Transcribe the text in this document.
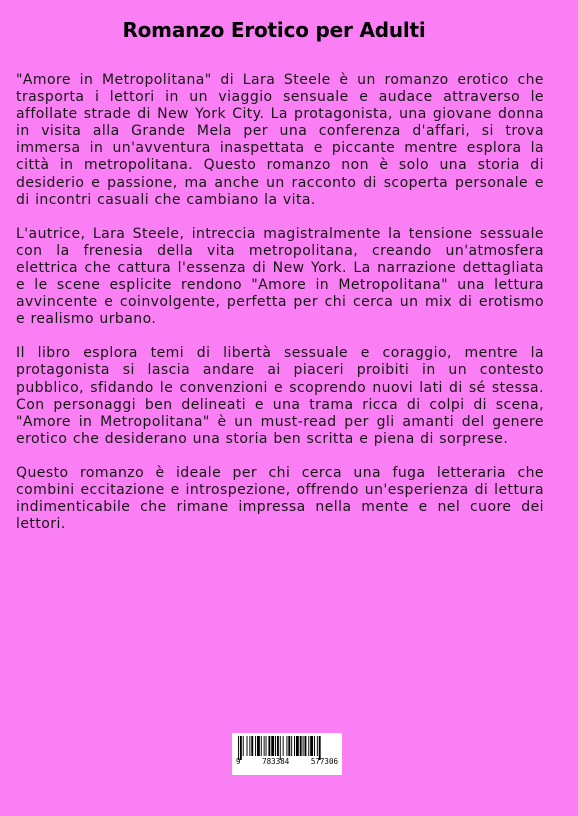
Romanzo Erotico per Adulti

"Amore in Metropolitana" di Lara Steele è un romanzo erotico che trasporta i lettori in un viaggio sensuale e audace attraverso le affollate strade di New York City. La protagonista, una giovane donna in visita alla Grande Mela per una conferenza d'affari, si trova immersa in un'avventura inaspettata e piccante mentre esplora la città in metropolitana. Questo romanzo non è solo una storia di desiderio e passione, ma anche un racconto di scoperta personale e di incontri casuali che cambiano la vita.

L'autrice, Lara Steele, intreccia magistralmente la tensione sessuale con la frenesia della vita metropolitana, creando un'atmosfera elettrica che cattura l'essenza di New York. La narrazione dettagliata e le scene esplicite rendono "Amore in Metropolitana" una lettura avvincente e coinvolgente, perfetta per chi cerca un mix di erotismo e realismo urbano.

Il libro esplora temi di libertà sessuale e coraggio, mentre la protagonista si lascia andare ai piaceri proibiti in un contesto pubblico, sfidando le convenzioni e scoprendo nuovi lati di sé stessa. Con personaggi ben delineati e una trama ricca di colpi di scena, "Amore in Metropolitana" è un must-read per gli amanti del genere erotico che desiderano una storia ben scritta e piena di sorprese.

Questo romanzo è ideale per chi cerca una fuga letteraria che combini eccitazione e introspezione, offrendo un'esperienza di lettura indimenticabile che rimane impressa nella mente e nel cuore dei lettori.

9	783384	577306
